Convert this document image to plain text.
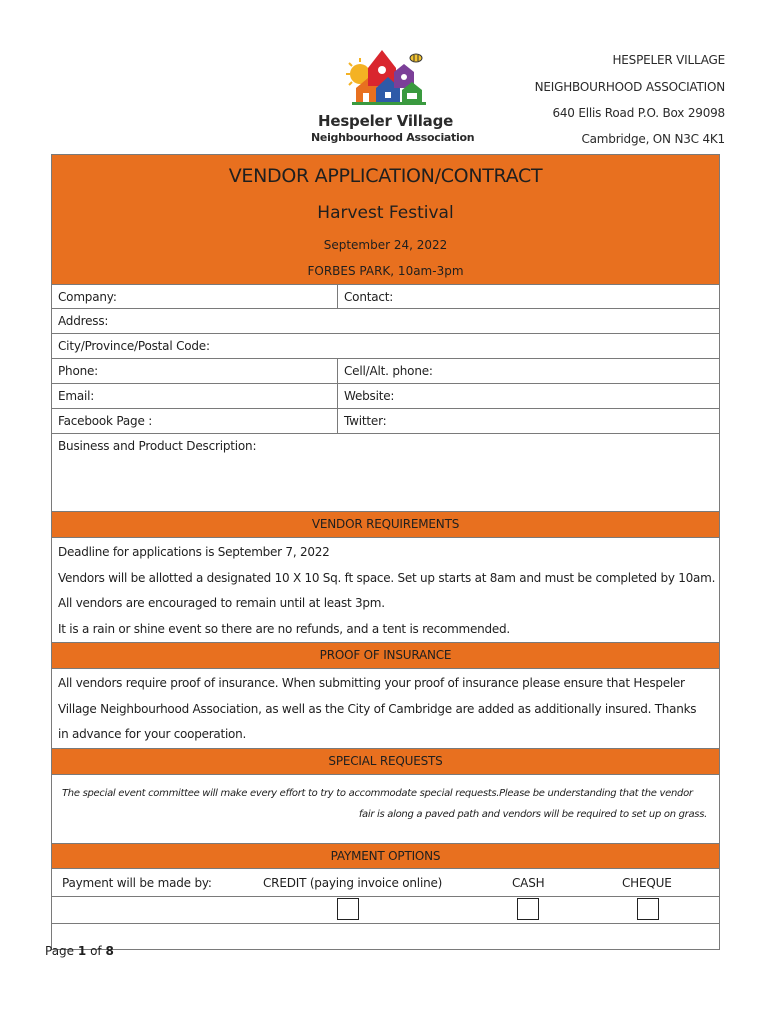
Hespeler Village
Neighbourhood Association
HESPELER VILLAGE
NEIGHBOURHOOD ASSOCIATION
640 Ellis Road P.O. Box 29098
Cambridge, ON N3C 4K1
VENDOR APPLICATION/CONTRACT
Harvest Festival
September 24, 2022
FORBES PARK, 10am-3pm
Company:	Contact:
Address:
City/Province/Postal Code:
Phone:	Cell/Alt. phone:
Email:	Website:
Facebook Page :	Twitter:
Business and Product Description:
VENDOR REQUIREMENTS
Deadline for applications is September 7, 2022
Vendors will be allotted a designated 10 X 10 Sq. ft space. Set up starts at 8am and must be completed by 10am.
All vendors are encouraged to remain until at least 3pm.
It is a rain or shine event so there are no refunds, and a tent is recommended.
PROOF OF INSURANCE
All vendors require proof of insurance. When submitting your proof of insurance please ensure that Hespeler
Village Neighbourhood Association, as well as the City of Cambridge are added as additionally insured. Thanks
in advance for your cooperation.
SPECIAL REQUESTS
The special event committee will make every effort to try to accommodate special requests.Please be understanding that the vendor
fair is along a paved path and vendors will be required to set up on grass.
PAYMENT OPTIONS
Payment will be made by:	CREDIT (paying invoice online)	CASH	CHEQUE
Page 1 of 8
